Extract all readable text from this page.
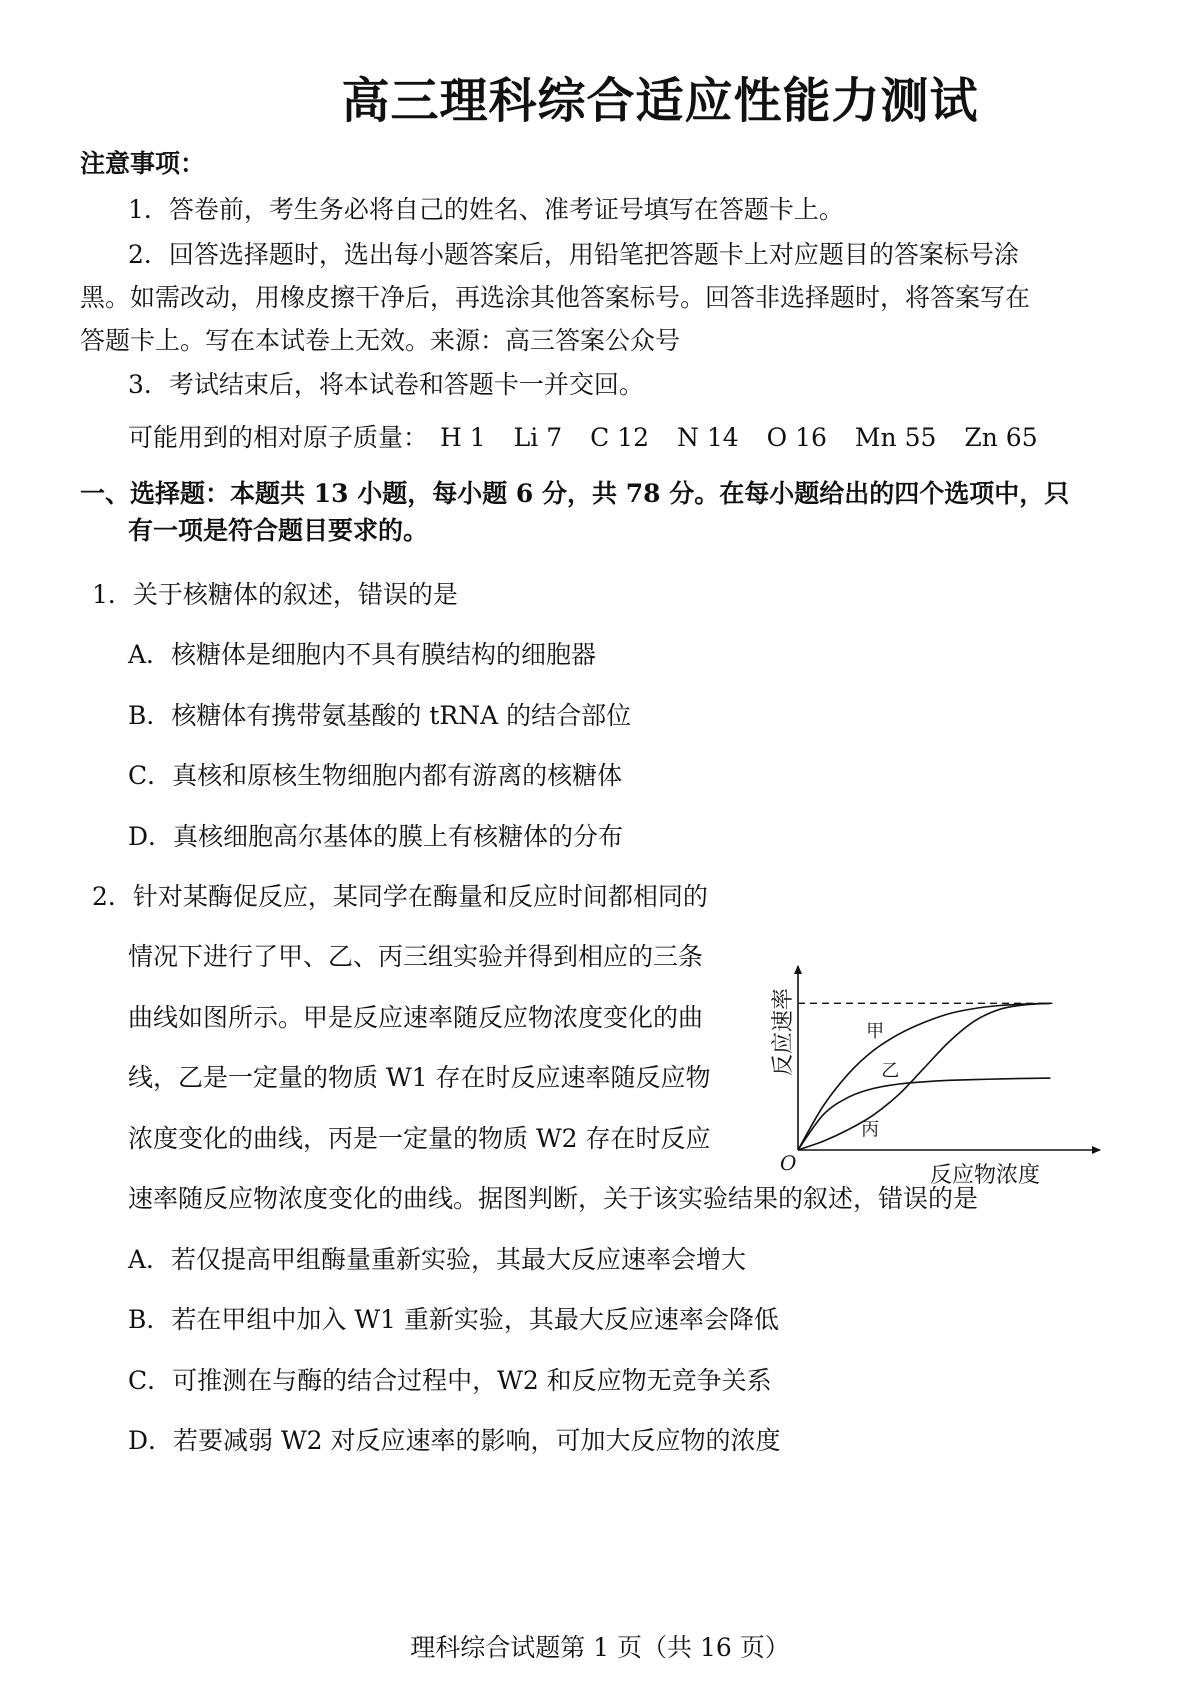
高三理科综合适应性能力测试
注意事项：
1．答卷前，考生务必将自己的姓名、准考证号填写在答题卡上。
2．回答选择题时，选出每小题答案后，用铅笔把答题卡上对应题目的答案标号涂
黑。如需改动，用橡皮擦干净后，再选涂其他答案标号。回答非选择题时，将答案写在
答题卡上。写在本试卷上无效。来源：高三答案公众号
3．考试结束后，将本试卷和答题卡一并交回。
可能用到的相对原子质量： H 1 Li 7 C 12 N 14 O 16 Mn 55 Zn 65
一、选择题：本题共 13 小题，每小题 6 分，共 78 分。在每小题给出的四个选项中，只
有一项是符合题目要求的。
1．关于核糖体的叙述，错误的是
A．核糖体是细胞内不具有膜结构的细胞器
B．核糖体有携带氨基酸的 tRNA 的结合部位
C．真核和原核生物细胞内都有游离的核糖体
D．真核细胞高尔基体的膜上有核糖体的分布
2．针对某酶促反应，某同学在酶量和反应时间都相同的
情况下进行了甲、乙、丙三组实验并得到相应的三条
曲线如图所示。甲是反应速率随反应物浓度变化的曲
线，乙是一定量的物质 W1 存在时反应速率随反应物
浓度变化的曲线，丙是一定量的物质 W2 存在时反应
速率随反应物浓度变化的曲线。据图判断，关于该实验结果的叙述，错误的是
A．若仅提高甲组酶量重新实验，其最大反应速率会增大
B．若在甲组中加入 W1 重新实验，其最大反应速率会降低
C．可推测在与酶的结合过程中，W2 和反应物无竞争关系
D．若要减弱 W2 对反应速率的影响，可加大反应物的浓度
甲
乙
丙
O	反应物浓度
反应速率
理科综合试题第 1 页（共 16 页）
